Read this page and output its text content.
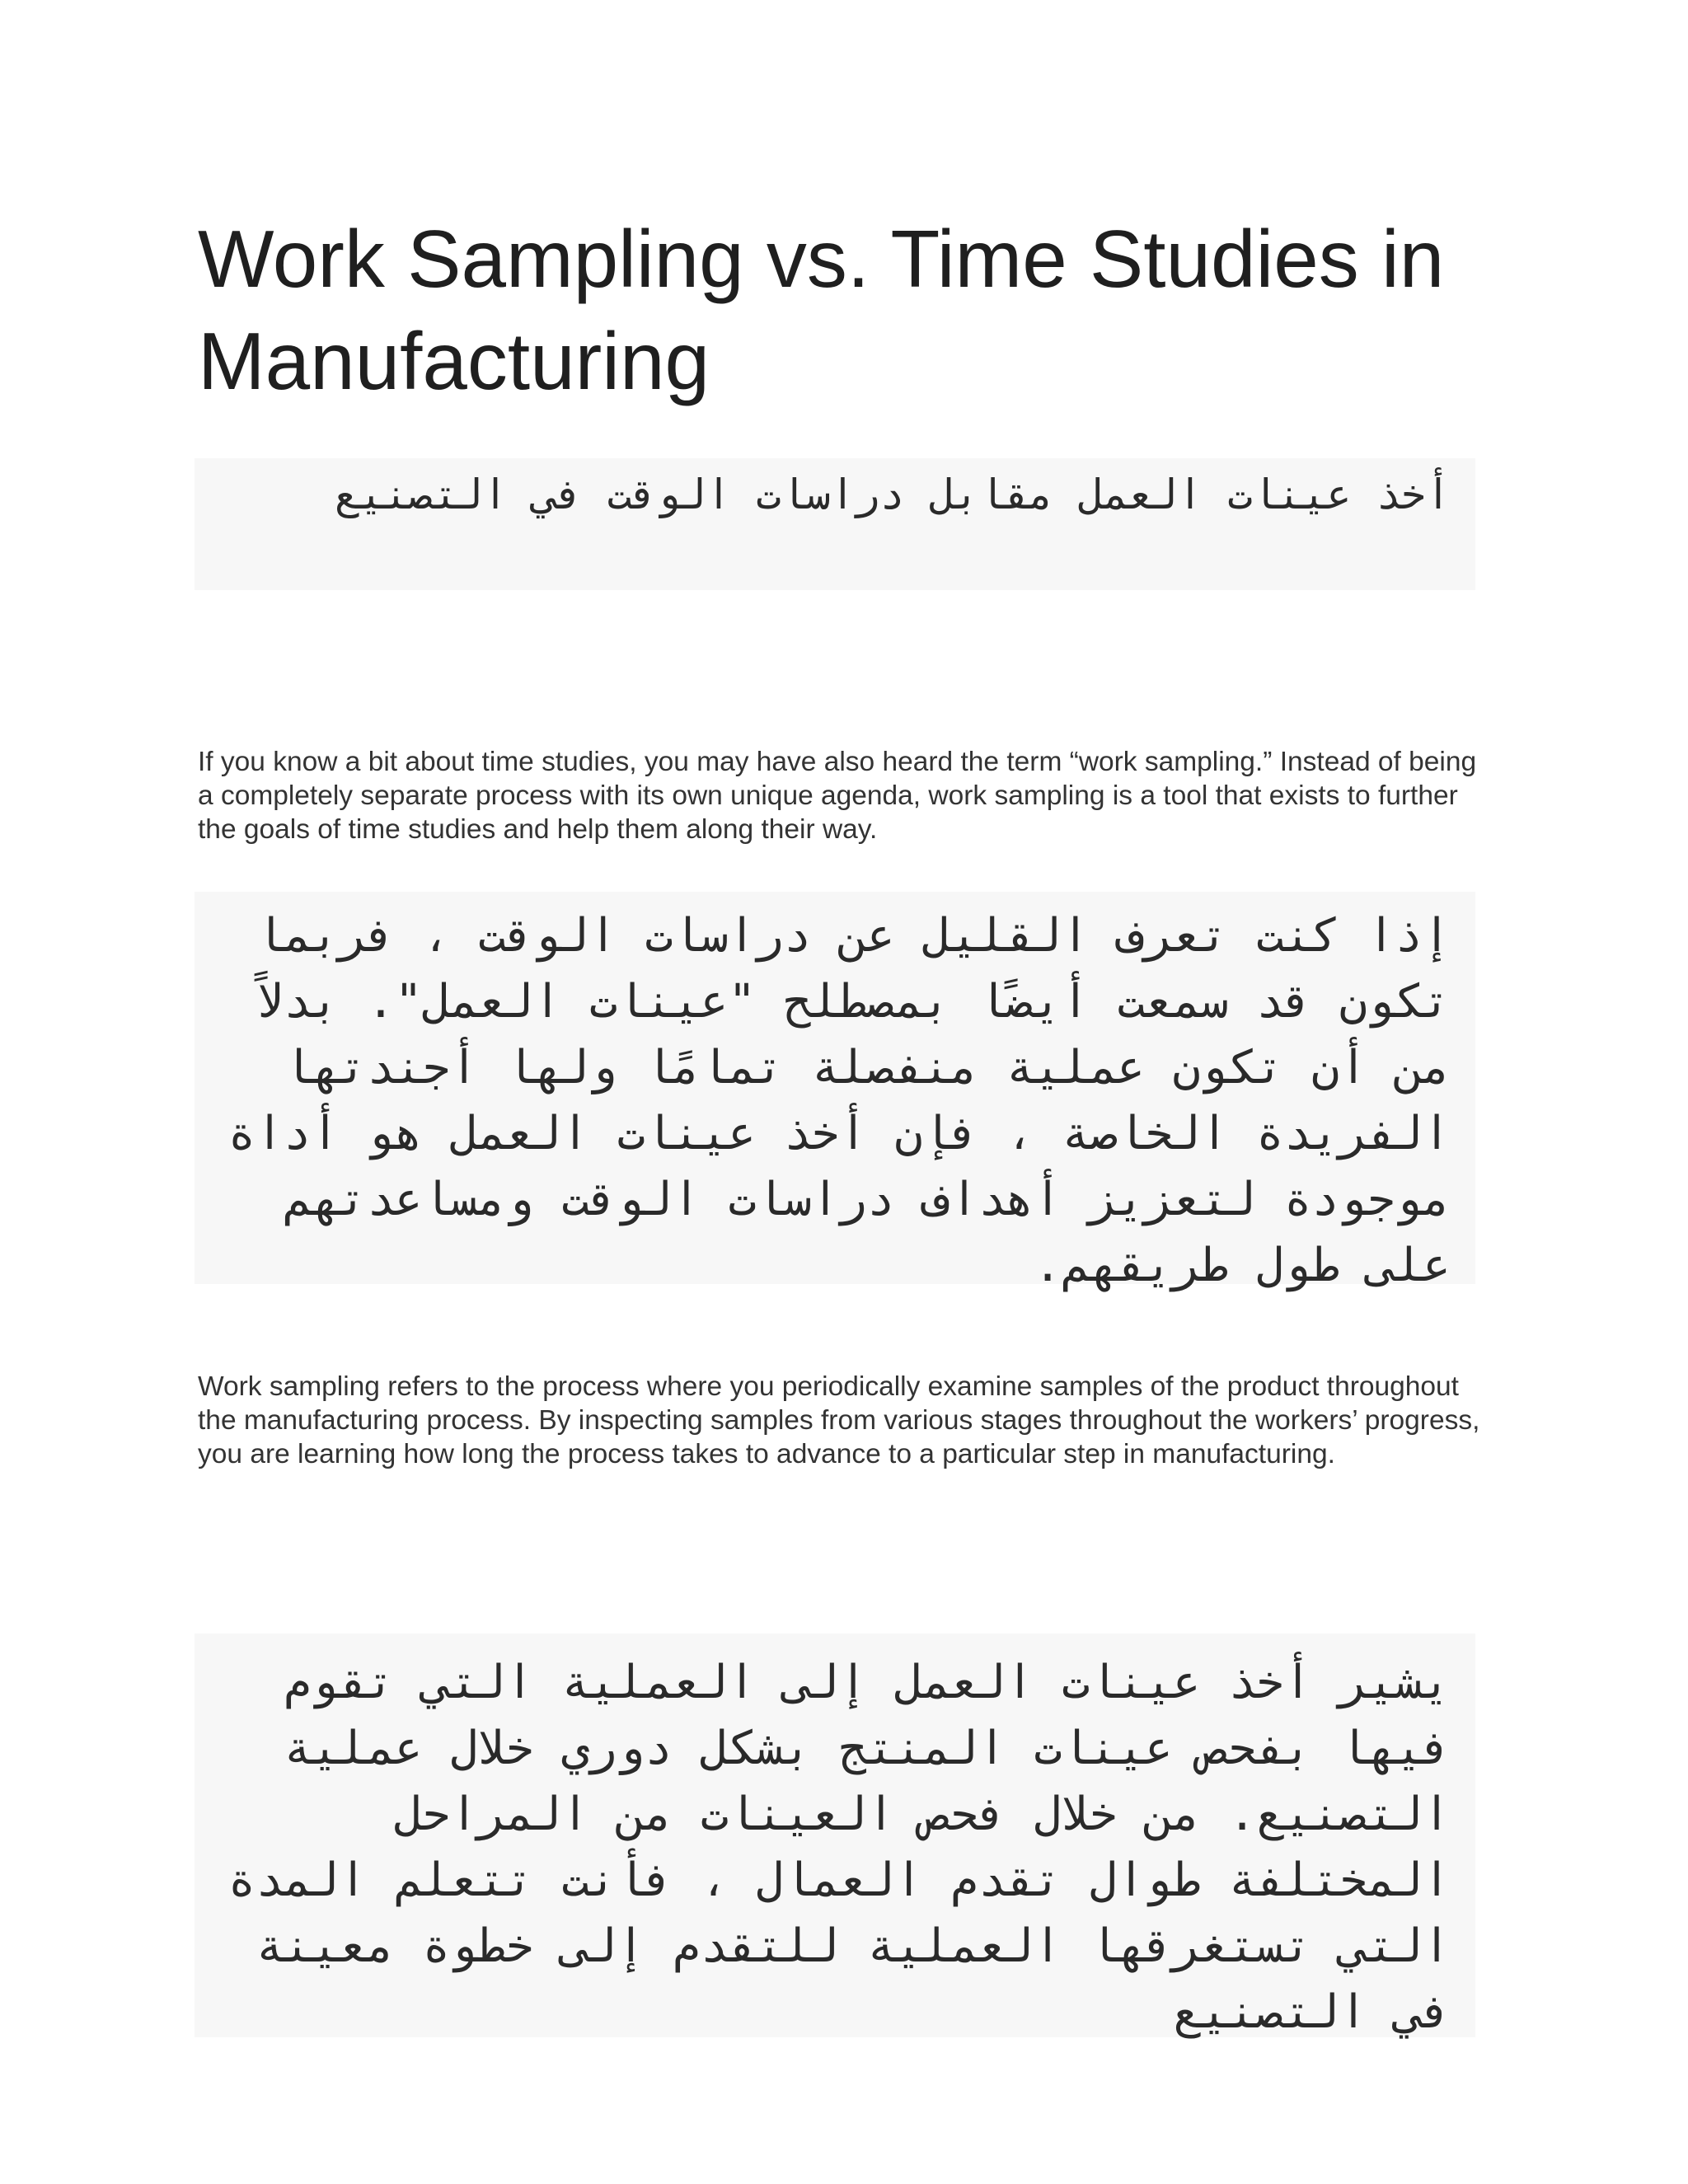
Work Sampling vs. Time Studies in Manufacturing
أخذ عينات العمل مقابل دراسات الوقت في التصنيع

If you know a bit about time studies, you may have also heard the term “work sampling.” Instead of being a completely separate process with its own unique agenda, work sampling is a tool that exists to further the goals of time studies and help them along their way.

إذا كنت تعرف القليل عن دراسات الوقت ، فربما تكون قد سمعت أيضًا بمصطلح "عينات العمل". بدلاً من أن تكون عملية منفصلة تمامًا ولها أجندتها الفريدة الخاصة ، فإن أخذ عينات العمل هو أداة موجودة لتعزيز أهداف دراسات الوقت ومساعدتهم على طول طريقهم.

Work sampling refers to the process where you periodically examine samples of the product throughout the manufacturing process. By inspecting samples from various stages throughout the workers’ progress, you are learning how long the process takes to advance to a particular step in manufacturing.

يشير أخذ عينات العمل إلى العملية التي تقوم فيها بفحص عينات المنتج بشكل دوري خلال عملية التصنيع. من خلال فحص العينات من المراحل المختلفة طوال تقدم العمال ، فأنت تتعلم المدة التي تستغرقها العملية للتقدم إلى خطوة معينة في التصنيع
